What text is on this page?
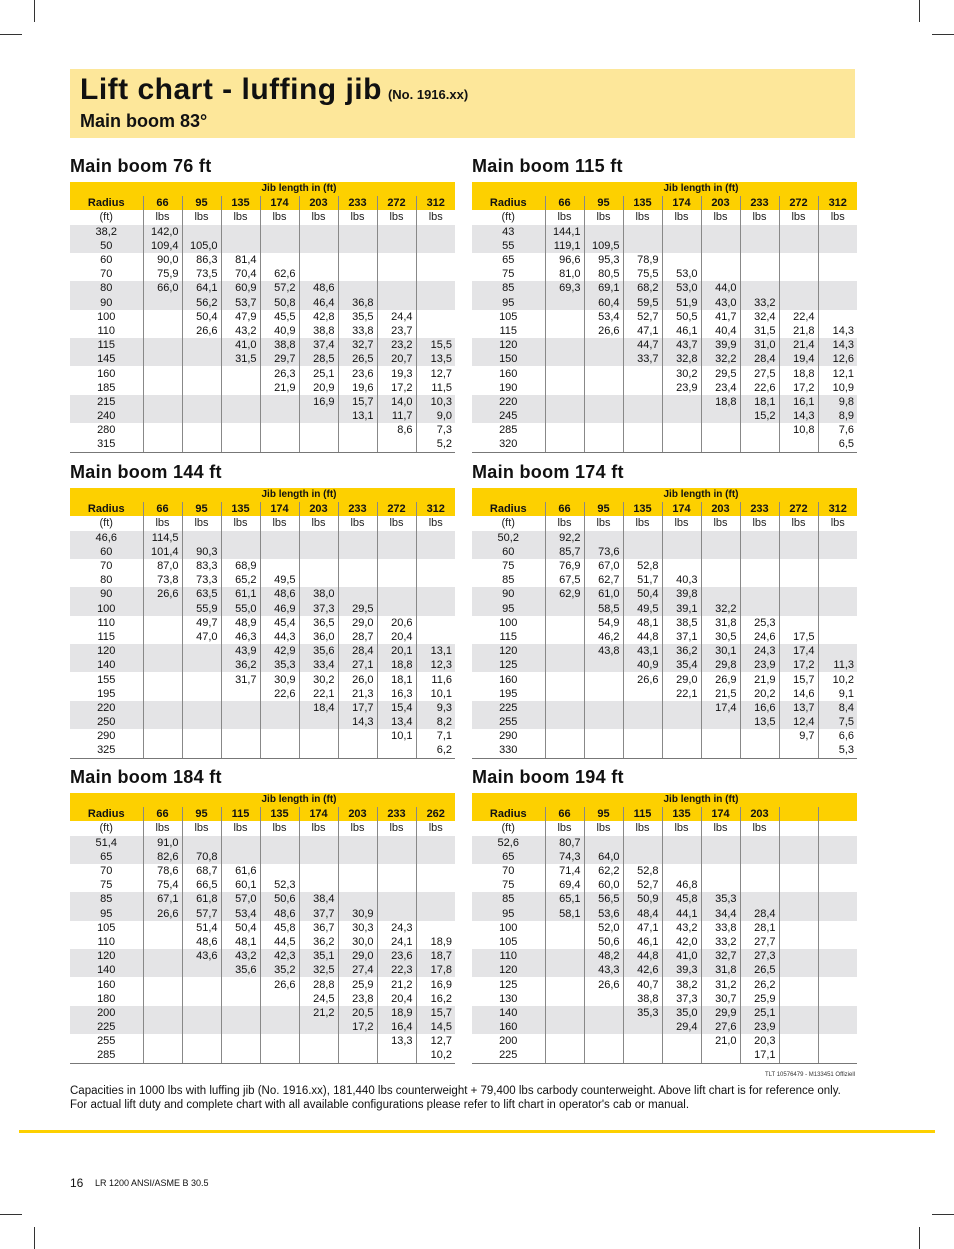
Lift chart - luffing jib (No. 1916.xx)
Main boom 83°
Main boom 76 ft
	Jib length in (ft)							
Radius	66	95	135	174	203	233	272	312
(ft)	lbs	lbs	lbs	lbs	lbs	lbs	lbs	lbs
38,2	142,0							
50	109,4	105,0						
60	90,0	86,3	81,4					
70	75,9	73,5	70,4	62,6				
80	66,0	64,1	60,9	57,2	48,6			
90		56,2	53,7	50,8	46,4	36,8		
100		50,4	47,9	45,5	42,8	35,5	24,4	
110		26,6	43,2	40,9	38,8	33,8	23,7	
115			41,0	38,8	37,4	32,7	23,2	15,5
145			31,5	29,7	28,5	26,5	20,7	13,5
160				26,3	25,1	23,6	19,3	12,7
185				21,9	20,9	19,6	17,2	11,5
215					16,9	15,7	14,0	10,3
240						13,1	11,7	9,0
280							8,6	7,3
315								5,2
Main boom 115 ft
	Jib length in (ft)							
Radius	66	95	135	174	203	233	272	312
(ft)	lbs	lbs	lbs	lbs	lbs	lbs	lbs	lbs
43	144,1							
55	119,1	109,5						
65	96,6	95,3	78,9					
75	81,0	80,5	75,5	53,0				
85	69,3	69,1	68,2	53,0	44,0			
95		60,4	59,5	51,9	43,0	33,2		
105		53,4	52,7	50,5	41,7	32,4	22,4	
115		26,6	47,1	46,1	40,4	31,5	21,8	14,3
120			44,7	43,7	39,9	31,0	21,4	14,3
150			33,7	32,8	32,2	28,4	19,4	12,6
160				30,2	29,5	27,5	18,8	12,1
190				23,9	23,4	22,6	17,2	10,9
220					18,8	18,1	16,1	9,8
245						15,2	14,3	8,9
285							10,8	7,6
320								6,5
Main boom 144 ft
	Jib length in (ft)							
Radius	66	95	135	174	203	233	272	312
(ft)	lbs	lbs	lbs	lbs	lbs	lbs	lbs	lbs
46,6	114,5							
60	101,4	90,3						
70	87,0	83,3	68,9					
80	73,8	73,3	65,2	49,5				
90	26,6	63,5	61,1	48,6	38,0			
100		55,9	55,0	46,9	37,3	29,5		
110		49,7	48,9	45,4	36,5	29,0	20,6	
115		47,0	46,3	44,3	36,0	28,7	20,4	
120			43,9	42,9	35,6	28,4	20,1	13,1
140			36,2	35,3	33,4	27,1	18,8	12,3
155			31,7	30,9	30,2	26,0	18,1	11,6
195				22,6	22,1	21,3	16,3	10,1
220					18,4	17,7	15,4	9,3
250						14,3	13,4	8,2
290							10,1	7,1
325								6,2
Main boom 174 ft
	Jib length in (ft)							
Radius	66	95	135	174	203	233	272	312
(ft)	lbs	lbs	lbs	lbs	lbs	lbs	lbs	lbs
50,2	92,2							
60	85,7	73,6						
75	76,9	67,0	52,8					
85	67,5	62,7	51,7	40,3				
90	62,9	61,0	50,4	39,8				
95		58,5	49,5	39,1	32,2			
100		54,9	48,1	38,5	31,8	25,3		
115		46,2	44,8	37,1	30,5	24,6	17,5	
120		43,8	43,1	36,2	30,1	24,3	17,4	
125			40,9	35,4	29,8	23,9	17,2	11,3
160			26,6	29,0	26,9	21,9	15,7	10,2
195				22,1	21,5	20,2	14,6	9,1
225					17,4	16,6	13,7	8,4
255						13,5	12,4	7,5
290							9,7	6,6
330								5,3
Main boom 184 ft
	Jib length in (ft)							
Radius	66	95	115	135	174	203	233	262
(ft)	lbs	lbs	lbs	lbs	lbs	lbs	lbs	lbs
51,4	91,0							
65	82,6	70,8						
70	78,6	68,7	61,6					
75	75,4	66,5	60,1	52,3				
85	67,1	61,8	57,0	50,6	38,4			
95	26,6	57,7	53,4	48,6	37,7	30,9		
105		51,4	50,4	45,8	36,7	30,3	24,3	
110		48,6	48,1	44,5	36,2	30,0	24,1	18,9
120		43,6	43,2	42,3	35,1	29,0	23,6	18,7
140			35,6	35,2	32,5	27,4	22,3	17,8
160				26,6	28,8	25,9	21,2	16,9
180					24,5	23,8	20,4	16,2
200					21,2	20,5	18,9	15,7
225						17,2	16,4	14,5
255							13,3	12,7
285								10,2
Main boom 194 ft
	Jib length in (ft)							
Radius	66	95	115	135	174	203		
(ft)	lbs	lbs	lbs	lbs	lbs	lbs		
52,6	80,7							
65	74,3	64,0						
70	71,4	62,2	52,8					
75	69,4	60,0	52,7	46,8				
85	65,1	56,5	50,9	45,8	35,3			
95	58,1	53,6	48,4	44,1	34,4	28,4		
100		52,0	47,1	43,2	33,8	28,1		
105		50,6	46,1	42,0	33,2	27,7		
110		48,2	44,8	41,0	32,7	27,3		
120		43,3	42,6	39,3	31,8	26,5		
125		26,6	40,7	38,2	31,2	26,2		
130			38,8	37,3	30,7	25,9		
140			35,3	35,0	29,9	25,1		
160				29,4	27,6	23,9		
200					21,0	20,3		
225						17,1		
TLT 10576479 - M133451 Offiziell
Capacities in 1000 lbs with luffing jib (No. 1916.xx), 181,440 lbs counterweight + 79,400 lbs carbody counterweight. Above lift chart is for reference only. For actual lift duty and complete chart with all available configurations please refer to lift chart in operator's cab or manual.
16 LR 1200 ANSI/ASME B 30.5
